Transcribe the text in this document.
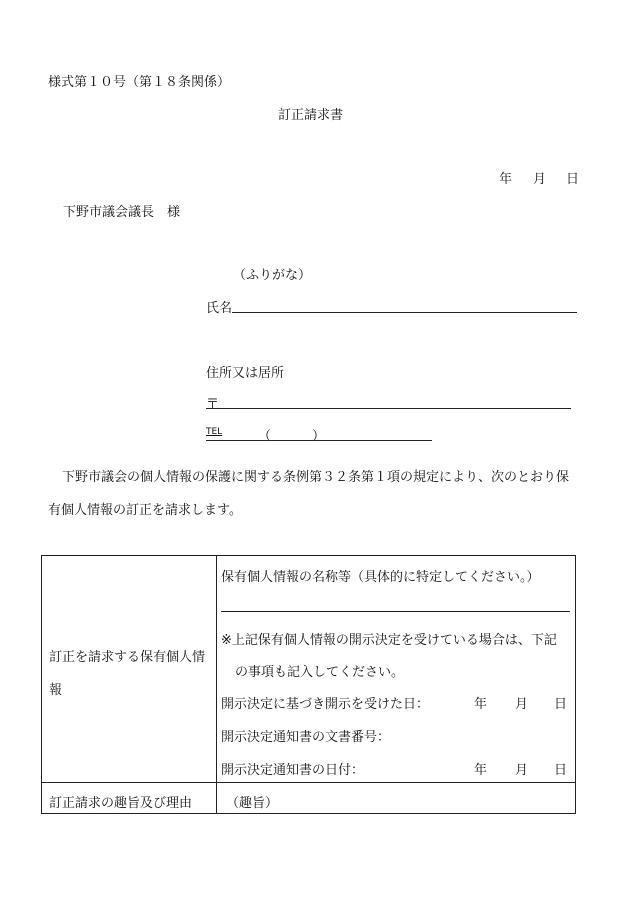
様式第１０号（第１８条関係）
訂正請求書
年 月 日
下野市議会議長　様
（ふりがな）
氏名
住所又は居所
〒
TEL	（	）
下野市議会の個人情報の保護に関する条例第３２条第１項の規定により、次のとおり保
有個人情報の訂正を請求します。
訂正を請求する保有個人情
報
保有個人情報の名称等（具体的に特定してください。）
※上記保有個人情報の開示決定を受けている場合は、下記
の事項も記入してください。
開示決定に基づき開示を受けた日：	年 月 日
開示決定通知書の文書番号：
開示決定通知書の日付：	年 月 日
訂正請求の趣旨及び理由	（趣旨）
